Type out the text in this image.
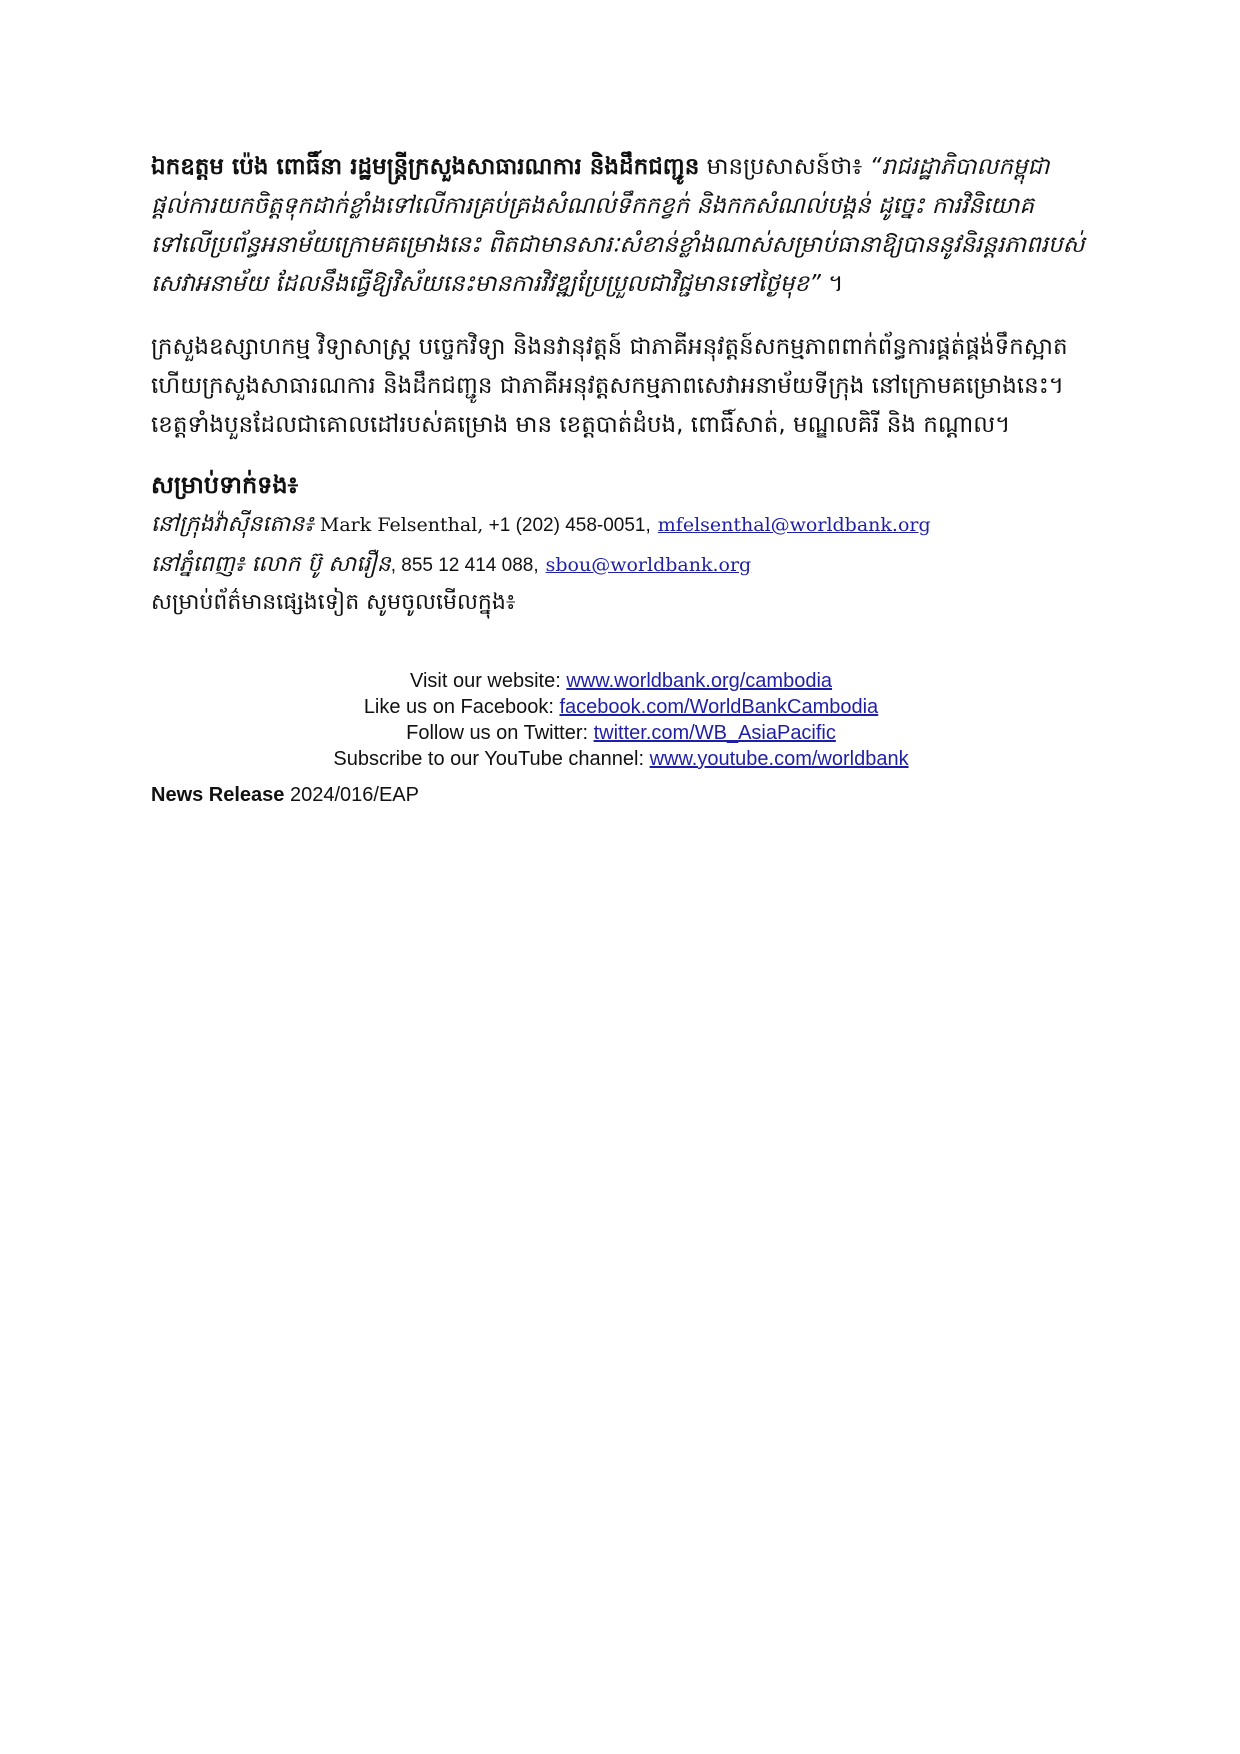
ឯកឧត្តម ប៉េង ពោធិ៍នា រដ្ឋមន្ត្រីក្រសួងសាធារណការ និងដឹកជញ្ជូន មានប្រសាសន៍ថា៖ “រាជរដ្ឋាភិបាលកម្ពុជា ផ្តល់ការយកចិត្តទុកដាក់ខ្លាំងទៅលើការគ្រប់គ្រងសំណល់ទឹកកខ្វក់ និងកកសំណល់បង្គន់ ដូច្នេះ ការវិនិយោគទៅលើប្រព័ន្ធអនាម័យក្រោមគម្រោងនេះ ពិតជាមានសារៈសំខាន់ខ្លាំងណាស់សម្រាប់ធានាឱ្យបាននូវនិរន្តរភាពរបស់សេវាអនាម័យ ដែលនឹងធ្វើឱ្យវិស័យនេះមានការវិវឌ្ឍប្រែប្រួលជាវិជ្ជមានទៅថ្ងៃមុខ” ។

ក្រសួងឧស្សាហកម្ម វិទ្យាសាស្ត្រ បច្ចេកវិទ្យា និងនវានុវត្តន៍ ជាភាគីអនុវត្តន៍សកម្មភាពពាក់ព័ន្ធការផ្គត់ផ្គង់ទឹកស្អាត ហើយក្រសួងសាធារណការ និងដឹកជញ្ជូន ជាភាគីអនុវត្តសកម្មភាពសេវាអនាម័យទីក្រុង នៅក្រោមគម្រោងនេះ។ ខេត្តទាំងបួនដែលជាគោលដៅរបស់គម្រោង មាន ខេត្តបាត់ដំបង, ពោធិ៍សាត់, មណ្ឌលគិរី និង កណ្ដាល។

សម្រាប់ទាក់ទង៖
នៅក្រុងវ៉ាស៊ីនតោន៖ Mark Felsenthal, +1 (202) 458-0051, mfelsenthal@worldbank.org
នៅភ្នំពេញ៖ លោក ប៊ូ សារឿន, 855 12 414 088, sbou@worldbank.org
សម្រាប់ព័ត៌មានផ្សេងទៀត សូមចូលមើលក្នុង៖
Visit our website: www.worldbank.org/cambodia
Like us on Facebook: facebook.com/WorldBankCambodia
Follow us on Twitter: twitter.com/WB_AsiaPacific
Subscribe to our YouTube channel: www.youtube.com/worldbank
News Release 2024/016/EAP
